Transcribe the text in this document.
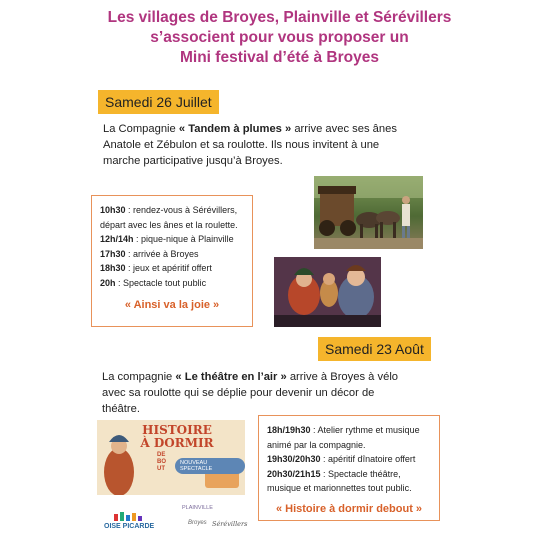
Les villages de Broyes, Plainville et Sérévillers
s’associent pour vous proposer un
Mini festival d’été à Broyes
Samedi 26 Juillet
La Compagnie « Tandem à plumes » arrive avec ses ânes
Anatole et Zébulon et sa roulotte. Ils nous invitent à une
marche participative jusqu’à Broyes.
10h30 : rendez-vous à Sérévillers,
départ avec les ânes et la roulette.
12h/14h : pique-nique à Plainville
17h30 : arrivée à Broyes
18h30 : jeux et apéritif offert
20h : Spectacle tout public
« Ainsi va la joie »
Samedi 23 Août
La compagnie « Le théâtre en l’air » arrive à Broyes à vélo
avec sa roulotte qui se déplie pour devenir un décor de
théâtre.
HISTOIRE
À DORMIR
DEBOUT
NOUVEAU SPECTACLE
OISE PICARDE
PLAINVILLE
Broyes Sérévillers
18h/19h30 : Atelier rythme et musique
animé par la compagnie.
19h30/20h30 : apéritif dînatoire offert
20h30/21h15 : Spectacle théâtre,
musique et marionnettes tout public.
« Histoire à dormir debout »
